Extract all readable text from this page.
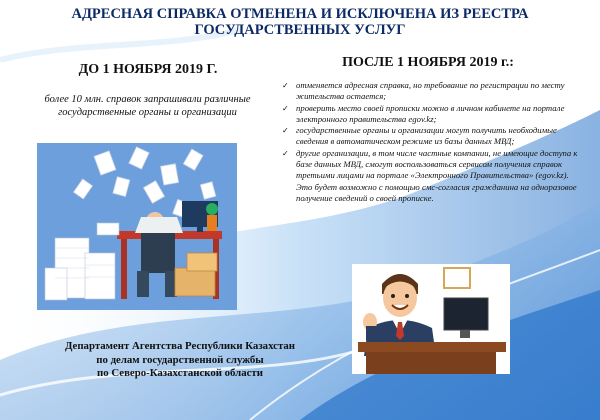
АДРЕСНАЯ СПРАВКА ОТМЕНЕНА И ИСКЛЮЧЕНА ИЗ РЕЕСТРА
ГОСУДАРСТВЕННЫХ УСЛУГ
ДО 1 НОЯБРЯ 2019 Г.
более 10 млн. справок запрашивали различные государственные органы и организации
ПОСЛЕ 1 НОЯБРЯ 2019 г.:
✓ отменяется адресная справка, но требование по регистрации по месту жительства остается;
✓ проверить место своей прописки можно в личном кабинете на портале электронного правительства egov.kz;
✓ государственные органы и организации могут получить необходимые сведения в автоматическом режиме из базы данных МВД;
✓ другие организации, в том числе частные компании, не имеющие доступа к базе данных МВД, смогут воспользоваться сервисом получения справок третьими лицами на портале «Электронного Правительства» (egov.kz). Это будет возможно с помощью смс-согласия гражданина на одноразовое получение сведений о своей прописке.
Департамент Агентства Республики Казахстан
по делам государственной службы
по Северо-Казахстанской области
